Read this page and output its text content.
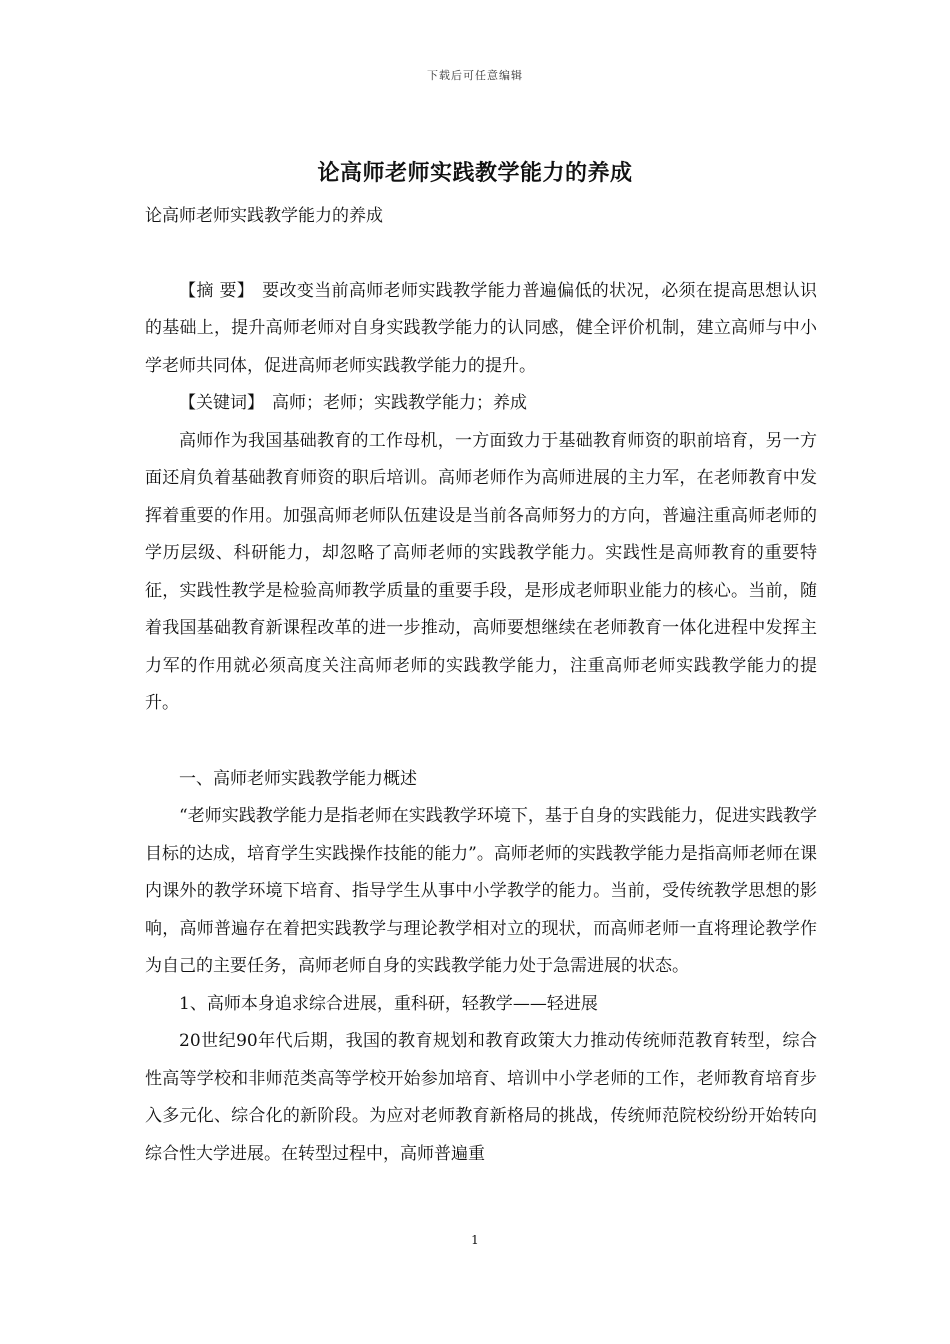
下载后可任意编辑
论高师老师实践教学能力的养成

论高师老师实践教学能力的养成

【摘 要】 要改变当前高师老师实践教学能力普遍偏低的状况，必须在提高思想认识的基础上，提升高师老师对自身实践教学能力的认同感，健全评价机制，建立高师与中小学老师共同体，促进高师老师实践教学能力的提升。

【关键词】 高师；老师；实践教学能力；养成

高师作为我国基础教育的工作母机，一方面致力于基础教育师资的职前培育，另一方面还肩负着基础教育师资的职后培训。高师老师作为高师进展的主力军，在老师教育中发挥着重要的作用。加强高师老师队伍建设是当前各高师努力的方向，普遍注重高师老师的学历层级、科研能力，却忽略了高师老师的实践教学能力。实践性是高师教育的重要特征，实践性教学是检验高师教学质量的重要手段，是形成老师职业能力的核心。当前，随着我国基础教育新课程改革的进一步推动，高师要想继续在老师教育一体化进程中发挥主力军的作用就必须高度关注高师老师的实践教学能力，注重高师老师实践教学能力的提升。

一、高师老师实践教学能力概述

“老师实践教学能力是指老师在实践教学环境下，基于自身的实践能力，促进实践教学目标的达成，培育学生实践操作技能的能力”。高师老师的实践教学能力是指高师老师在课内课外的教学环境下培育、指导学生从事中小学教学的能力。当前，受传统教学思想的影响，高师普遍存在着把实践教学与理论教学相对立的现状，而高师老师一直将理论教学作为自己的主要任务，高师老师自身的实践教学能力处于急需进展的状态。

1、高师本身追求综合进展，重科研，轻教学——轻进展

20世纪90年代后期，我国的教育规划和教育政策大力推动传统师范教育转型，综合性高等学校和非师范类高等学校开始参加培育、培训中小学老师的工作，老师教育培育步入多元化、综合化的新阶段。为应对老师教育新格局的挑战，传统师范院校纷纷开始转向综合性大学进展。在转型过程中，高师普遍重

1
